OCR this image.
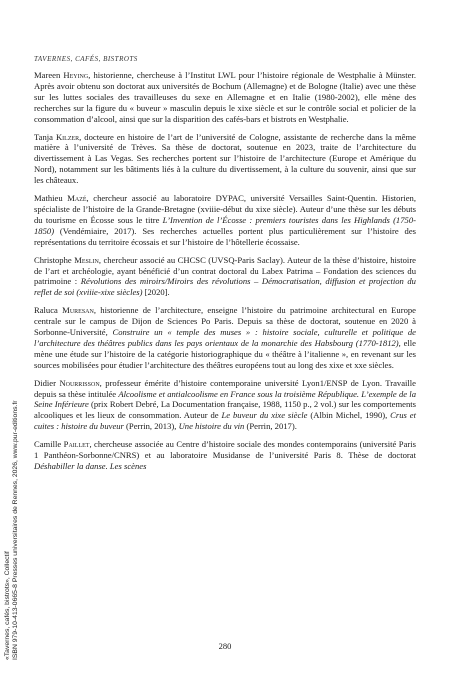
TAVERNES, CAFÉS, BISTROTS

Mareen Heying, historienne, chercheuse à l’Institut LWL pour l’histoire régionale de Westphalie à Münster. Après avoir obtenu son doctorat aux universités de Bochum (Allemagne) et de Bologne (Italie) avec une thèse sur les luttes sociales des travailleuses du sexe en Allemagne et en Italie (1980-2002), elle mène des recherches sur la figure du « buveur » masculin depuis le xixe siècle et sur le contrôle social et policier de la consommation d’alcool, ainsi que sur la disparition des cafés-bars et bistrots en Westphalie.

Tanja Kilzer, docteure en histoire de l’art de l’université de Cologne, assistante de recherche dans la même matière à l’université de Trèves. Sa thèse de doctorat, soutenue en 2023, traite de l’architecture du divertissement à Las Vegas. Ses recherches portent sur l’histoire de l’architecture (Europe et Amérique du Nord), notamment sur les bâtiments liés à la culture du divertissement, à la culture du souvenir, ainsi que sur les châteaux.

Mathieu Mazé, chercheur associé au laboratoire DYPAC, université Versailles Saint-Quentin. Historien, spécialiste de l’histoire de la Grande-Bretagne (xviiie-début du xixe siècle). Auteur d’une thèse sur les débuts du tourisme en Écosse sous le titre L’Invention de l’Écosse : premiers touristes dans les Highlands (1750-1850) (Vendémiaire, 2017). Ses recherches actuelles portent plus particulièrement sur l’histoire des représentations du territoire écossais et sur l’histoire de l’hôtellerie écossaise.

Christophe Meslin, chercheur associé au CHCSC (UVSQ-Paris Saclay). Auteur de la thèse d’histoire, histoire de l’art et archéologie, ayant bénéficié d’un contrat doctoral du Labex Patrima – Fondation des sciences du patrimoine : Révolutions des miroirs/Miroirs des révolutions – Démocratisation, diffusion et projection du reflet de soi (xviiie-xixe siècles) [2020].

Raluca Muresan, historienne de l’architecture, enseigne l’histoire du patrimoine architectural en Europe centrale sur le campus de Dijon de Sciences Po Paris. Depuis sa thèse de doctorat, soutenue en 2020 à Sorbonne-Université, Construire un « temple des muses » : histoire sociale, culturelle et politique de l’architecture des théâtres publics dans les pays orientaux de la monarchie des Habsbourg (1770-1812), elle mène une étude sur l’histoire de la catégorie historiographique du « théâtre à l’italienne », en revenant sur les sources mobilisées pour étudier l’architecture des théâtres européens tout au long des xixe et xxe siècles.

Didier Nourrisson, professeur émérite d’histoire contemporaine université Lyon1/ENSP de Lyon. Travaille depuis sa thèse intitulée Alcoolisme et antialcoolisme en France sous la troisième République. L’exemple de la Seine Inférieure (prix Robert Debré, La Documentation française, 1988, 1150 p., 2 vol.) sur les comportements alcooliques et les lieux de consommation. Auteur de Le buveur du xixe siècle (Albin Michel, 1990), Crus et cuites : histoire du buveur (Perrin, 2013), Une histoire du vin (Perrin, 2017).

Camille Paillet, chercheuse associée au Centre d’histoire sociale des mondes contemporains (université Paris 1 Panthéon-Sorbonne/CNRS) et au laboratoire Musidanse de l’université Paris 8. Thèse de doctorat Déshabiller la danse. Les scènes

280
«Tavernes, cafés, bistrots», Collectif ISBN 979-10-413-0665-8 Presses universitaires de Rennes, 2026, www.pur-editions.fr
